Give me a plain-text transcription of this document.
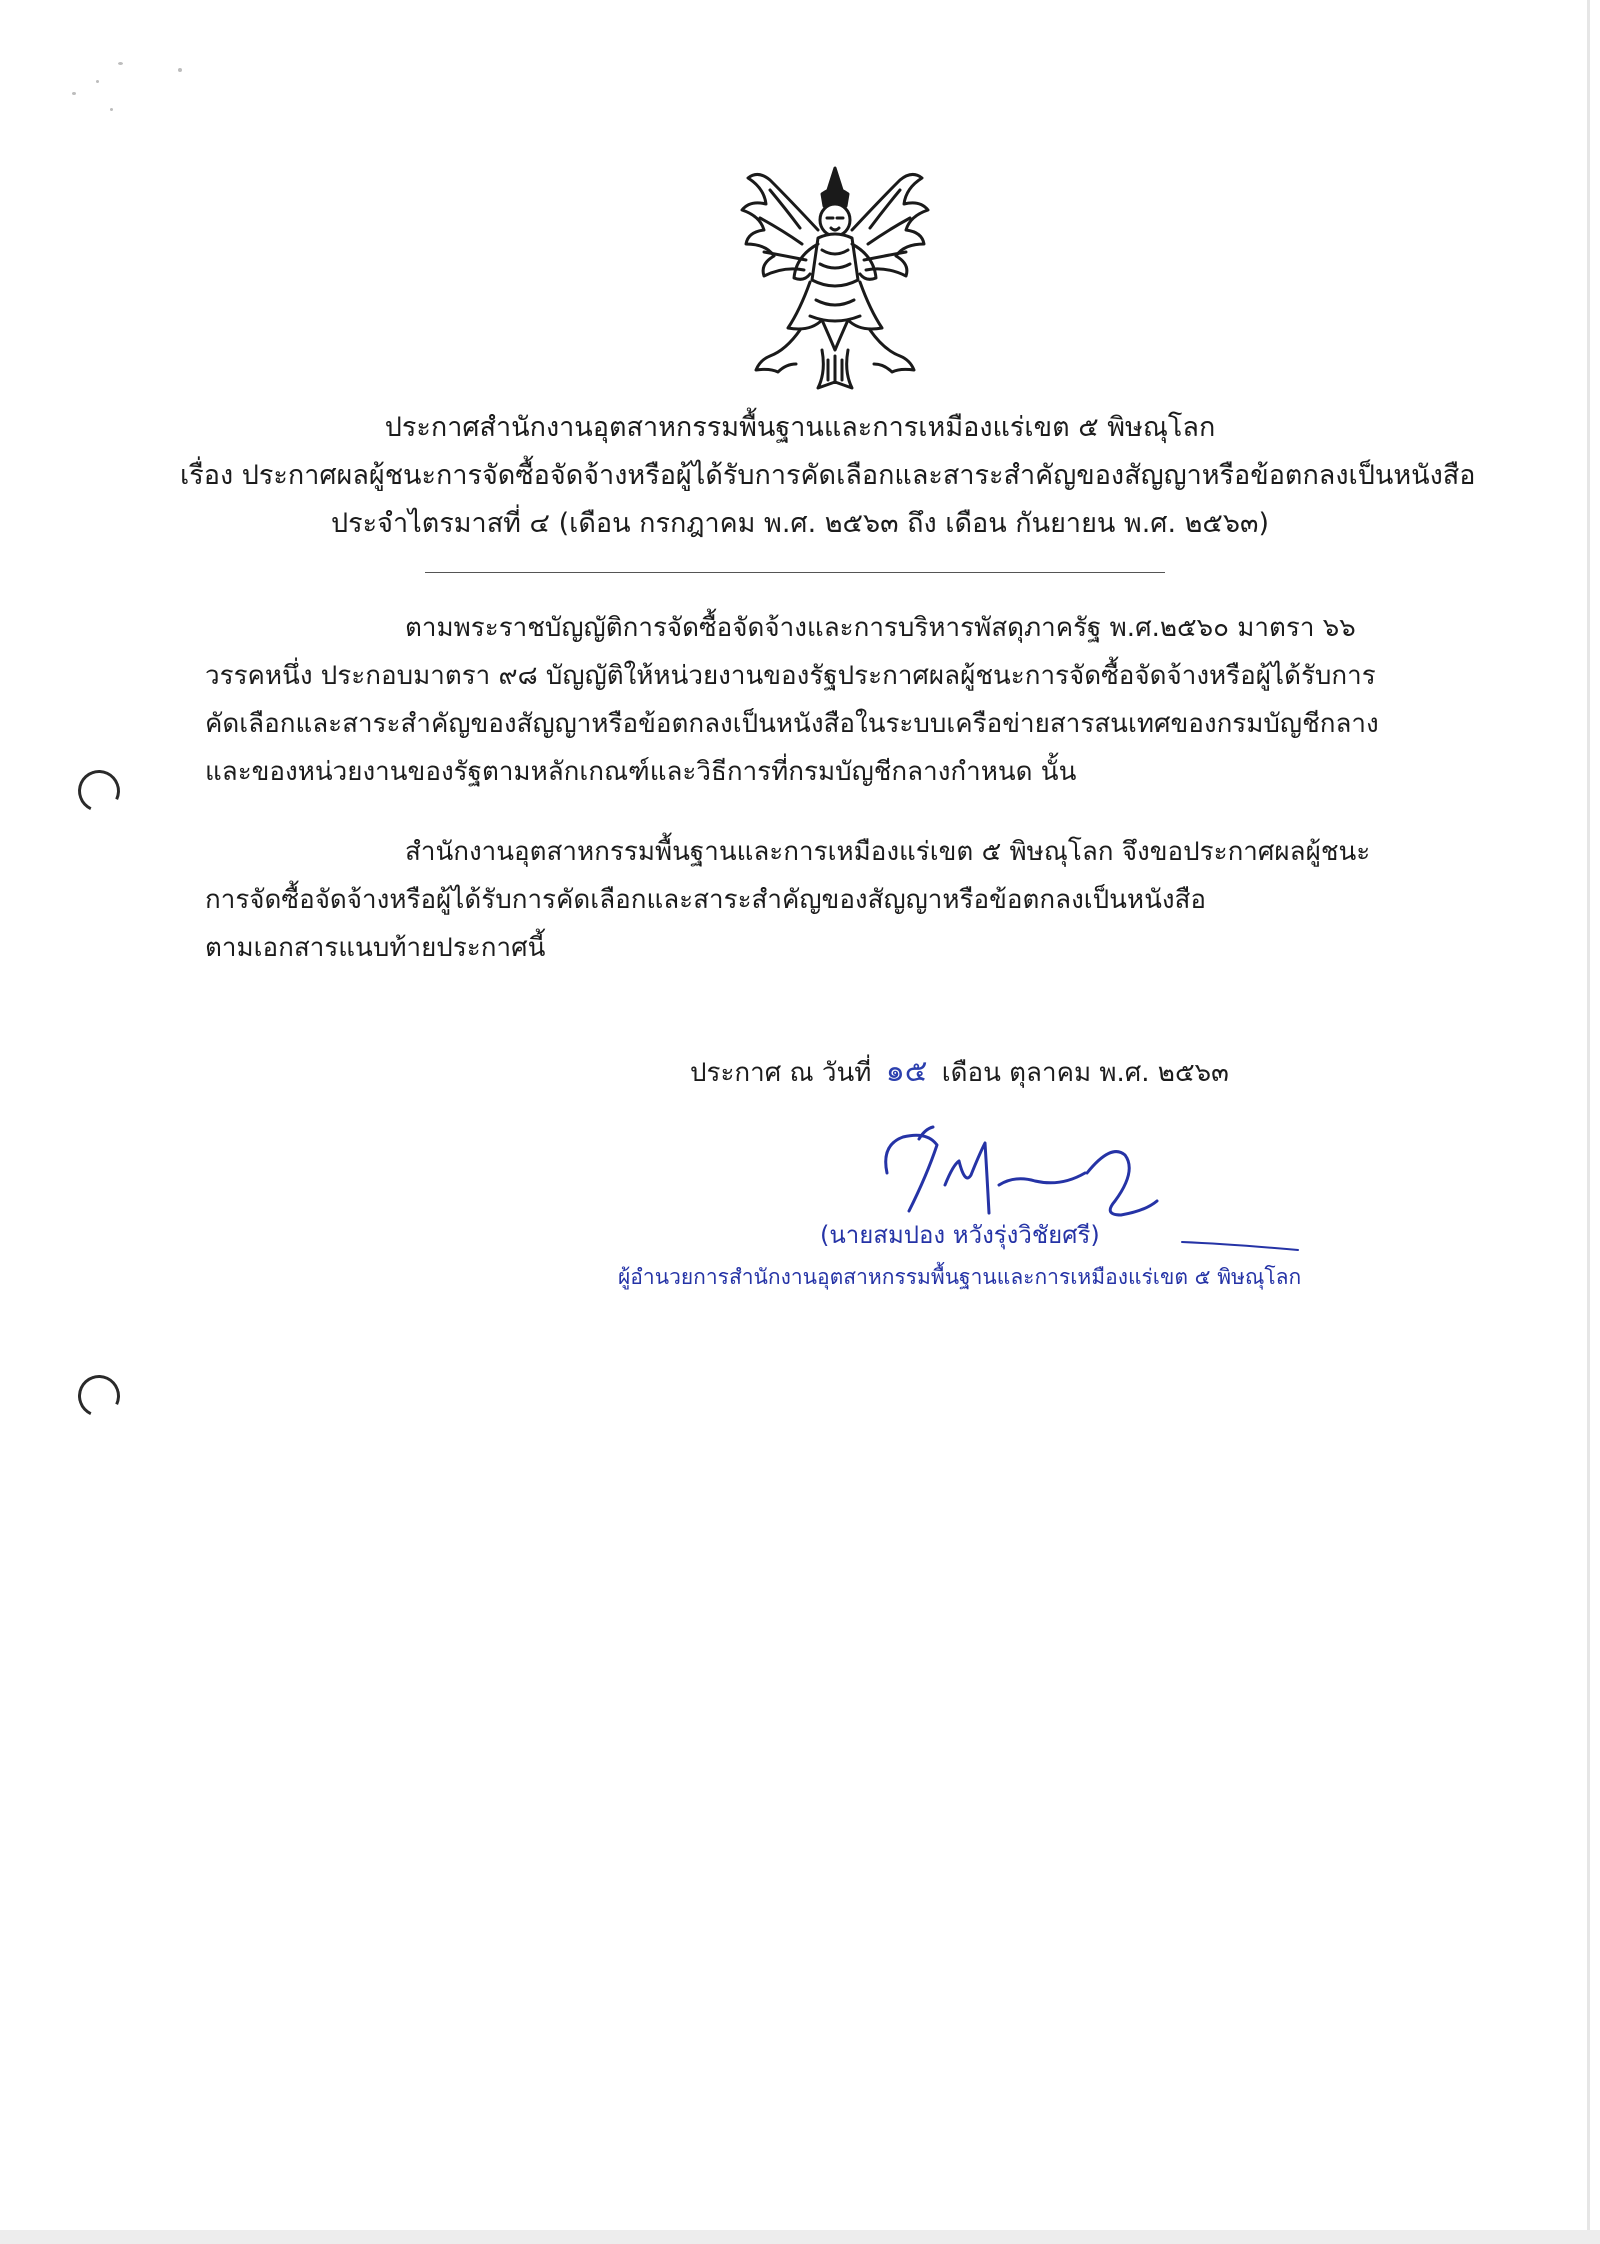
ประกาศสำนักงานอุตสาหกรรมพื้นฐานและการเหมืองแร่เขต ๕ พิษณุโลก
เรื่อง ประกาศผลผู้ชนะการจัดซื้อจัดจ้างหรือผู้ได้รับการคัดเลือกและสาระสำคัญของสัญญาหรือข้อตกลงเป็นหนังสือ
ประจำไตรมาสที่ ๔ (เดือน กรกฎาคม พ.ศ. ๒๕๖๓ ถึง เดือน กันยายน พ.ศ. ๒๕๖๓)
ตามพระราชบัญญัติการจัดซื้อจัดจ้างและการบริหารพัสดุภาครัฐ พ.ศ.๒๕๖๐ มาตรา ๖๖
วรรคหนึ่ง ประกอบมาตรา ๙๘ บัญญัติให้หน่วยงานของรัฐประกาศผลผู้ชนะการจัดซื้อจัดจ้างหรือผู้ได้รับการ
คัดเลือกและสาระสำคัญของสัญญาหรือข้อตกลงเป็นหนังสือในระบบเครือข่ายสารสนเทศของกรมบัญชีกลาง
และของหน่วยงานของรัฐตามหลักเกณฑ์และวิธีการที่กรมบัญชีกลางกำหนด นั้น
สำนักงานอุตสาหกรรมพื้นฐานและการเหมืองแร่เขต ๕ พิษณุโลก จึงขอประกาศผลผู้ชนะ
การจัดซื้อจัดจ้างหรือผู้ได้รับการคัดเลือกและสาระสำคัญของสัญญาหรือข้อตกลงเป็นหนังสือ
ตามเอกสารแนบท้ายประกาศนี้
ประกาศ ณ วันที่ ๑๕ เดือน ตุลาคม พ.ศ. ๒๕๖๓
(นายสมปอง หวังรุ่งวิชัยศรี)
ผู้อำนวยการสำนักงานอุตสาหกรรมพื้นฐานและการเหมืองแร่เขต ๕ พิษณุโลก
